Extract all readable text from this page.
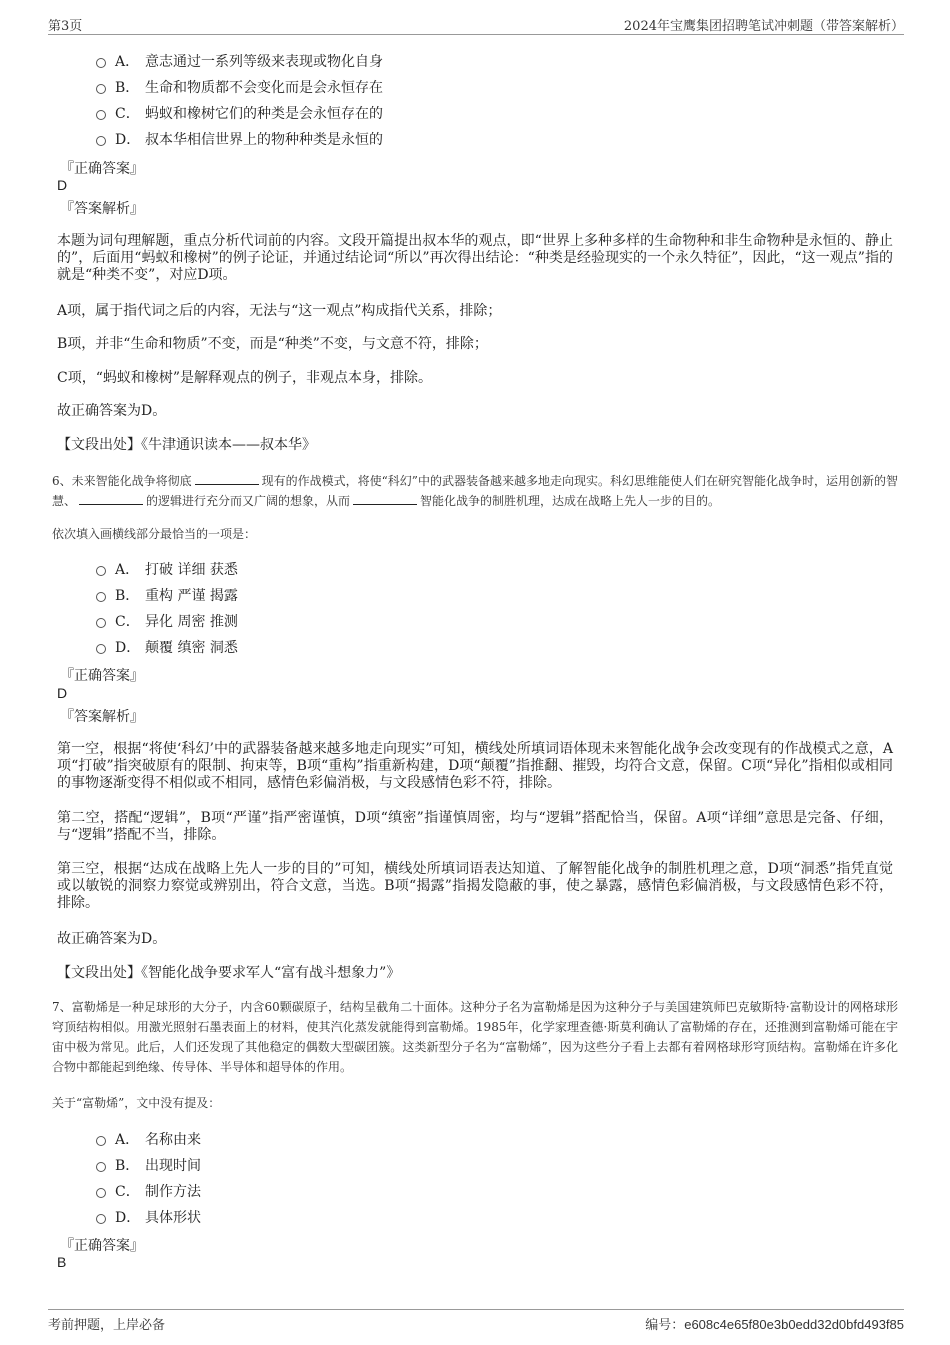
第3页	2024年宝鹰集团招聘笔试冲刺题（带答案解析）
A． 意志通过一系列等级来表现或物化自身
B． 生命和物质都不会变化而是会永恒存在
C． 蚂蚁和橡树它们的种类是会永恒存在的
D． 叔本华相信世界上的物种种类是永恒的
『正确答案』
D
『答案解析』
本题为词句理解题，重点分析代词前的内容。文段开篇提出叔本华的观点，即“世界上多种多样的生命物种和非生命物种是永恒的、静止的”，后面用“蚂蚁和橡树”的例子论证，并通过结论词“所以”再次得出结论：“种类是经验现实的一个永久特征”，因此，“这一观点”指的就是“种类不变”，对应D项。
A项，属于指代词之后的内容，无法与“这一观点”构成指代关系，排除；
B项，并非“生命和物质”不变，而是“种类”不变，与文意不符，排除；
C项，“蚂蚁和橡树”是解释观点的例子，非观点本身，排除。
故正确答案为D。
【文段出处】《牛津通识读本——叔本华》
6、未来智能化战争将彻底	现有的作战模式，将使“科幻”中的武器装备越来越多地走向现实。科幻思维能使人们在研究智能化战争时，运用创新的智慧、	的逻辑进行充分而又广阔的想象，从而	智能化战争的制胜机理，达成在战略上先人一步的目的。
依次填入画横线部分最恰当的一项是：
A． 打破 详细 获悉
B． 重构 严谨 揭露
C． 异化 周密 推测
D． 颠覆 缜密 洞悉
『正确答案』
D
『答案解析』
第一空，根据“将使‘科幻’中的武器装备越来越多地走向现实”可知，横线处所填词语体现未来智能化战争会改变现有的作战模式之意，A项“打破”指突破原有的限制、拘束等，B项“重构”指重新构建，D项“颠覆”指推翻、摧毁，均符合文意，保留。C项“异化”指相似或相同的事物逐渐变得不相似或不相同，感情色彩偏消极，与文段感情色彩不符，排除。
第二空，搭配“逻辑”，B项“严谨”指严密谨慎，D项“缜密”指谨慎周密，均与“逻辑”搭配恰当，保留。A项“详细”意思是完备、仔细，与“逻辑”搭配不当，排除。
第三空，根据“达成在战略上先人一步的目的”可知，横线处所填词语表达知道、了解智能化战争的制胜机理之意，D项“洞悉”指凭直觉或以敏锐的洞察力察觉或辨别出，符合文意，当选。B项“揭露”指揭发隐蔽的事，使之暴露，感情色彩偏消极，与文段感情色彩不符，排除。
故正确答案为D。
【文段出处】《智能化战争要求军人“富有战斗想象力”》
7、富勒烯是一种足球形的大分子，内含60颗碳原子，结构呈截角二十面体。这种分子名为富勒烯是因为这种分子与美国建筑师巴克敏斯特·富勒设计的网格球形穹顶结构相似。用激光照射石墨表面上的材料，使其汽化蒸发就能得到富勒烯。1985年，化学家理查德·斯莫利确认了富勒烯的存在，还推测到富勒烯可能在宇宙中极为常见。此后，人们还发现了其他稳定的偶数大型碳团簇。这类新型分子名为“富勒烯”，因为这些分子看上去都有着网格球形穹顶结构。富勒烯在许多化合物中都能起到绝缘、传导体、半导体和超导体的作用。
关于“富勒烯”，文中没有提及：
A． 名称由来
B． 出现时间
C． 制作方法
D． 具体形状
『正确答案』
B
考前押题，上岸必备	编号：e608c4e65f80e3b0edd32d0bfd493f85
